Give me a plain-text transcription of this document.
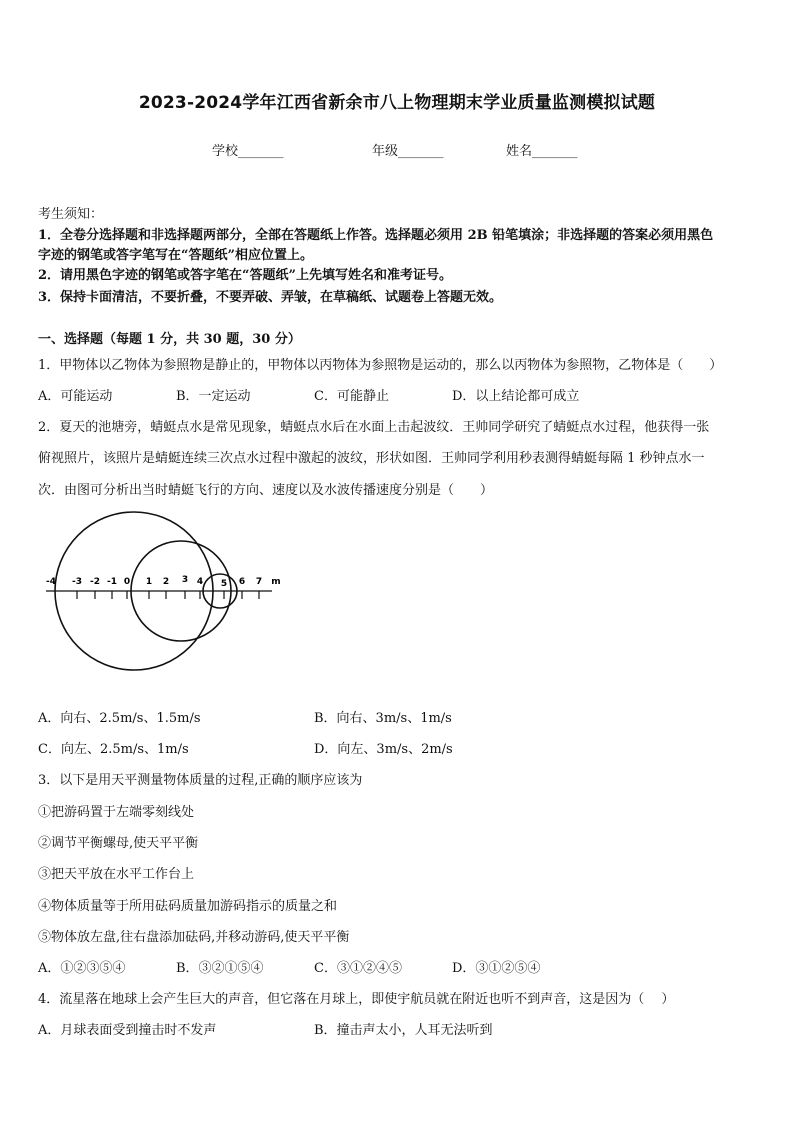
2023-2024学年江西省新余市八上物理期末学业质量监测模拟试题
学校_______	年级_______	姓名_______
考生须知：
1．全卷分选择题和非选择题两部分，全部在答题纸上作答。选择题必须用 2B 铅笔填涂；非选择题的答案必须用黑色
字迹的钢笔或答字笔写在“答题纸”相应位置上。
2．请用黑色字迹的钢笔或答字笔在“答题纸”上先填写姓名和准考证号。
3．保持卡面清洁，不要折叠，不要弄破、弄皱，在草稿纸、试题卷上答题无效。
一、选择题（每题 1 分，共 30 题，30 分）
1．甲物体以乙物体为参照物是静止的，甲物体以丙物体为参照物是运动的，那么以丙物体为参照物，乙物体是（　　）
A．可能运动	B．一定运动	C．可能静止	D．以上结论都可成立
2．夏天的池塘旁，蜻蜓点水是常见现象，蜻蜓点水后在水面上击起波纹．王帅同学研究了蜻蜓点水过程，他获得一张
俯视照片，该照片是蜻蜓连续三次点水过程中激起的波纹，形状如图．王帅同学利用秒表测得蜻蜓每隔 1 秒钟点水一
次．由图可分析出当时蜻蜓飞行的方向、速度以及水波传播速度分别是（　　）
-4 -3 -2 -1 0 1 2 3 4 5 6 7 m
A．向右、2.5m/s、1.5m/s	B．向右、3m/s、1m/s
C．向左、2.5m/s、1m/s	D．向左、3m/s、2m/s
3．以下是用天平测量物体质量的过程,正确的顺序应该为
①把游码置于左端零刻线处
②调节平衡螺母,使天平平衡
③把天平放在水平工作台上
④物体质量等于所用砝码质量加游码指示的质量之和
⑤物体放左盘,往右盘添加砝码,并移动游码,使天平平衡
A．①②③⑤④	B．③②①⑤④	C．③①②④⑤	D．③①②⑤④
4．流星落在地球上会产生巨大的声音，但它落在月球上，即使宇航员就在附近也听不到声音，这是因为（　 ）
A．月球表面受到撞击时不发声	B．撞击声太小，人耳无法听到
